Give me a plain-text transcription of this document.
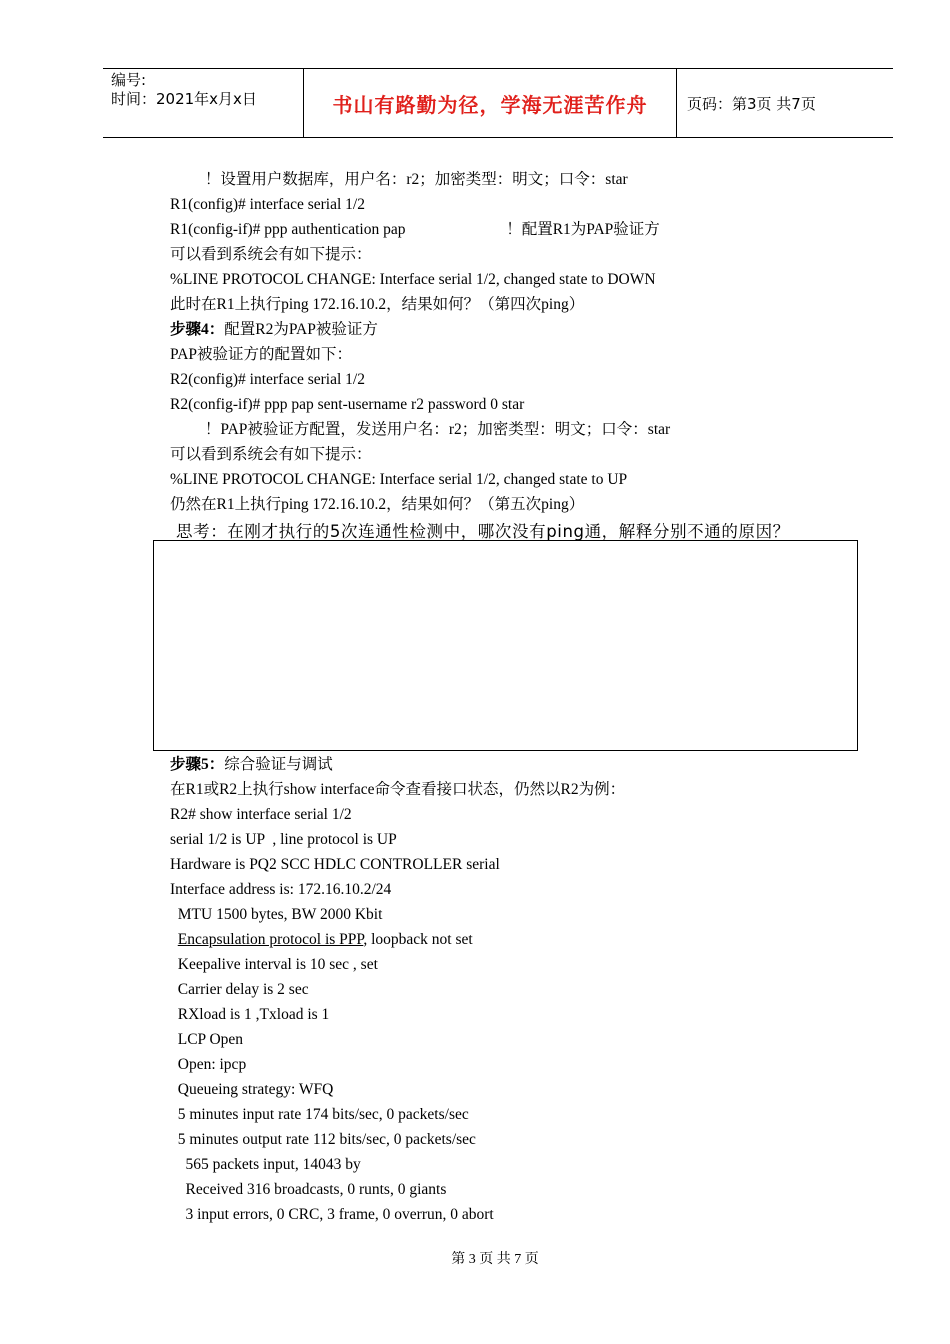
编号:
时间：2021年x月x日	书山有路勤为径，学海无涯苦作舟	页码：第3页 共7页
！设置用户数据库，用户名：r2；加密类型：明文；口令：star
R1(config)# interface serial 1/2
R1(config-if)# ppp authentication pap                          ！配置R1为PAP验证方
可以看到系统会有如下提示：
%LINE PROTOCOL CHANGE: Interface serial 1/2, changed state to DOWN
此时在R1上执行ping 172.16.10.2，结果如何？（第四次ping）
步骤4：配置R2为PAP被验证方
PAP被验证方的配置如下：
R2(config)# interface serial 1/2
R2(config-if)# ppp pap sent-username r2 password 0 star
！PAP被验证方配置，发送用户名：r2；加密类型：明文；口令：star
可以看到系统会有如下提示：
%LINE PROTOCOL CHANGE: Interface serial 1/2, changed state to UP
仍然在R1上执行ping 172.16.10.2，结果如何？（第五次ping）
思考：在刚才执行的5次连通性检测中，哪次没有ping通，解释分别不通的原因？
步骤5：综合验证与调试
在R1或R2上执行show interface命令查看接口状态，仍然以R2为例：
R2# show interface serial 1/2
serial 1/2 is UP  , line protocol is UP
Hardware is PQ2 SCC HDLC CONTROLLER serial
Interface address is: 172.16.10.2/24
MTU 1500 bytes, BW 2000 Kbit
Encapsulation protocol is PPP, loopback not set
Keepalive interval is 10 sec , set
Carrier delay is 2 sec
RXload is 1 ,Txload is 1
LCP Open
Open: ipcp
Queueing strategy: WFQ
5 minutes input rate 174 bits/sec, 0 packets/sec
5 minutes output rate 112 bits/sec, 0 packets/sec
565 packets input, 14043 by
Received 316 broadcasts, 0 runts, 0 giants
3 input errors, 0 CRC, 3 frame, 0 overrun, 0 abort
第 3 页 共 7 页
